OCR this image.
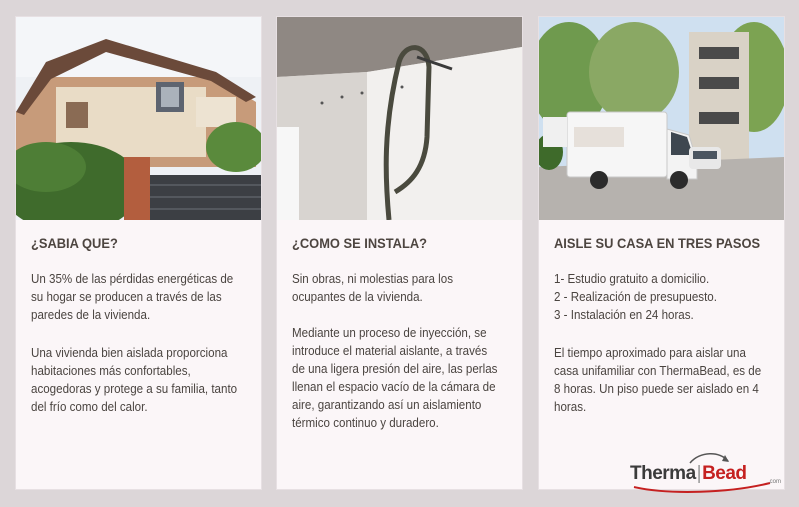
¿SABIA QUE?
Un 35% de las pérdidas energéticas de su hogar se producen a través de las paredes de la vivienda.
Una vivienda bien aislada proporciona habitaciones más confortables, acogedoras y protege a su familia, tanto del frío como del calor.
¿COMO SE INSTALA?
Sin obras, ni molestias para los ocupantes de la vivienda.
Mediante un proceso de inyección, se introduce el material aislante, a través de una ligera presión del aire, las perlas llenan el espacio vacío de la cámara de aire, garantizando así un aislamiento térmico continuo y duradero.
AISLE SU CASA EN TRES PASOS
1- Estudio gratuito a domicilio.
2 - Realización de presupuesto.
3 - Instalación en 24 horas.
El tiempo aproximado para aislar una casa unifamiliar con ThermaBead, es de 8 horas. Un piso puede ser aislado en 4 horas.
Therma|Bead	.com
